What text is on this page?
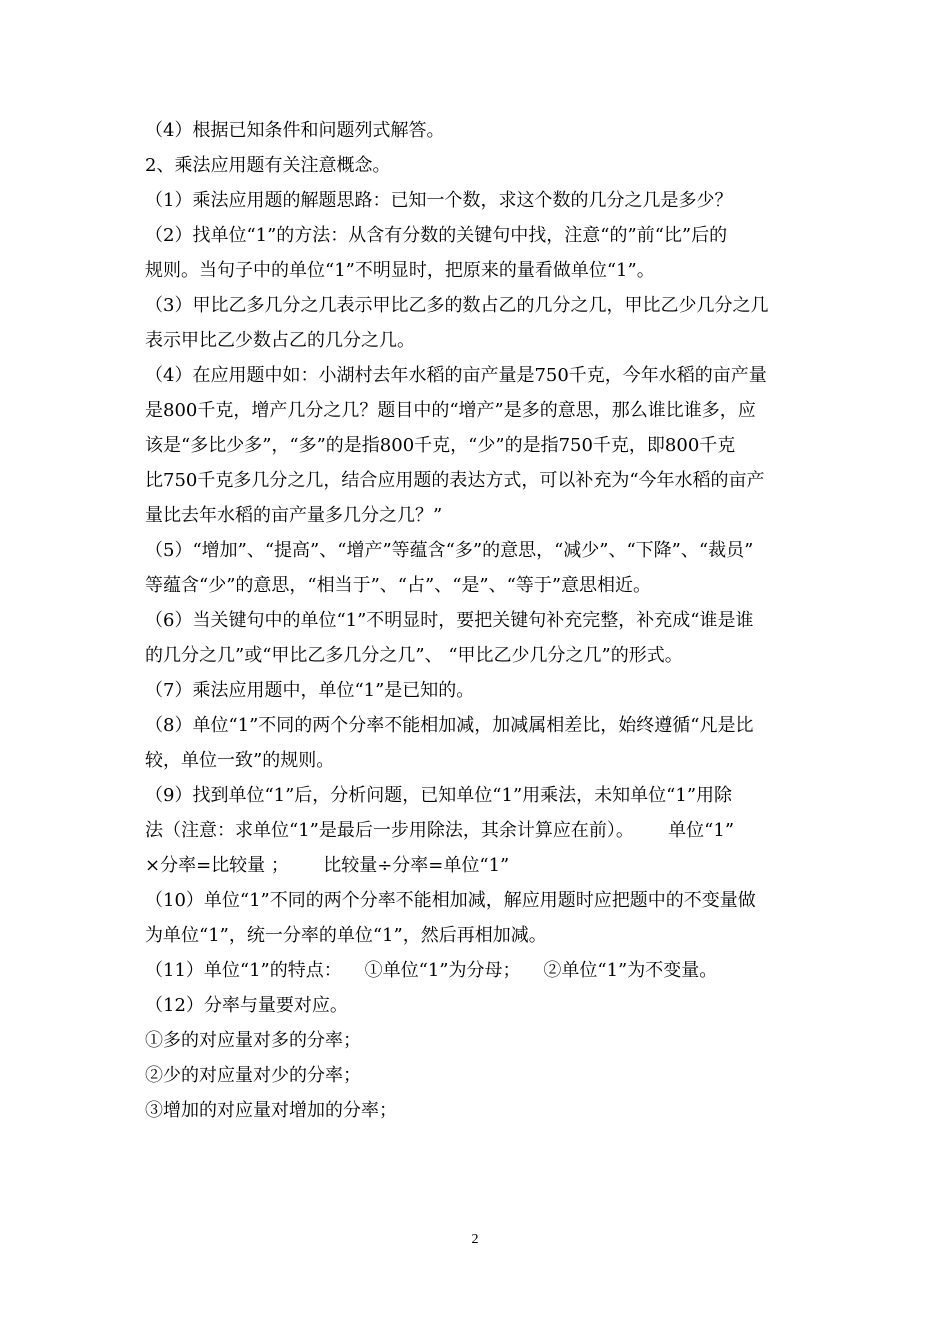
（4）根据已知条件和问题列式解答。
2、乘法应用题有关注意概念。
（1）乘法应用题的解题思路：已知一个数，求这个数的几分之几是多少？
（2）找单位“1”的方法：从含有分数的关键句中找，注意“的”前“比”后的
规则。当句子中的单位“1”不明显时，把原来的量看做单位“1”。
（3）甲比乙多几分之几表示甲比乙多的数占乙的几分之几，甲比乙少几分之几
表示甲比乙少数占乙的几分之几。
（4）在应用题中如：小湖村去年水稻的亩产量是750千克，今年水稻的亩产量
是800千克，增产几分之几？题目中的“增产”是多的意思，那么谁比谁多，应
该是“多比少多”，“多”的是指800千克，“少”的是指750千克，即800千克
比750千克多几分之几，结合应用题的表达方式，可以补充为“今年水稻的亩产
量比去年水稻的亩产量多几分之几？”
（5）“增加”、“提高”、“增产”等蕴含“多”的意思，“减少”、“下降”、“裁员”
等蕴含“少”的意思，“相当于”、“占”、“是”、“等于”意思相近。
（6）当关键句中的单位“1”不明显时，要把关键句补充完整，补充成“谁是谁
的几分之几”或“甲比乙多几分之几”、 “甲比乙少几分之几”的形式。
（7）乘法应用题中，单位“1”是已知的。
（8）单位“1”不同的两个分率不能相加减，加减属相差比，始终遵循“凡是比
较，单位一致”的规则。
（9）找到单位“1”后，分析问题，已知单位“1”用乘法，未知单位“1”用除
法（注意：求单位“1”是最后一步用除法，其余计算应在前）。      单位“1”
×分率=比较量 ；      比较量÷分率=单位“1”
（10）单位“1”不同的两个分率不能相加减，解应用题时应把题中的不变量做
为单位“1”，统一分率的单位“1”，然后再相加减。
（11）单位“1”的特点：    ①单位“1”为分母；    ②单位“1”为不变量。
（12）分率与量要对应。
①多的对应量对多的分率；
②少的对应量对少的分率；
③增加的对应量对增加的分率；
2
